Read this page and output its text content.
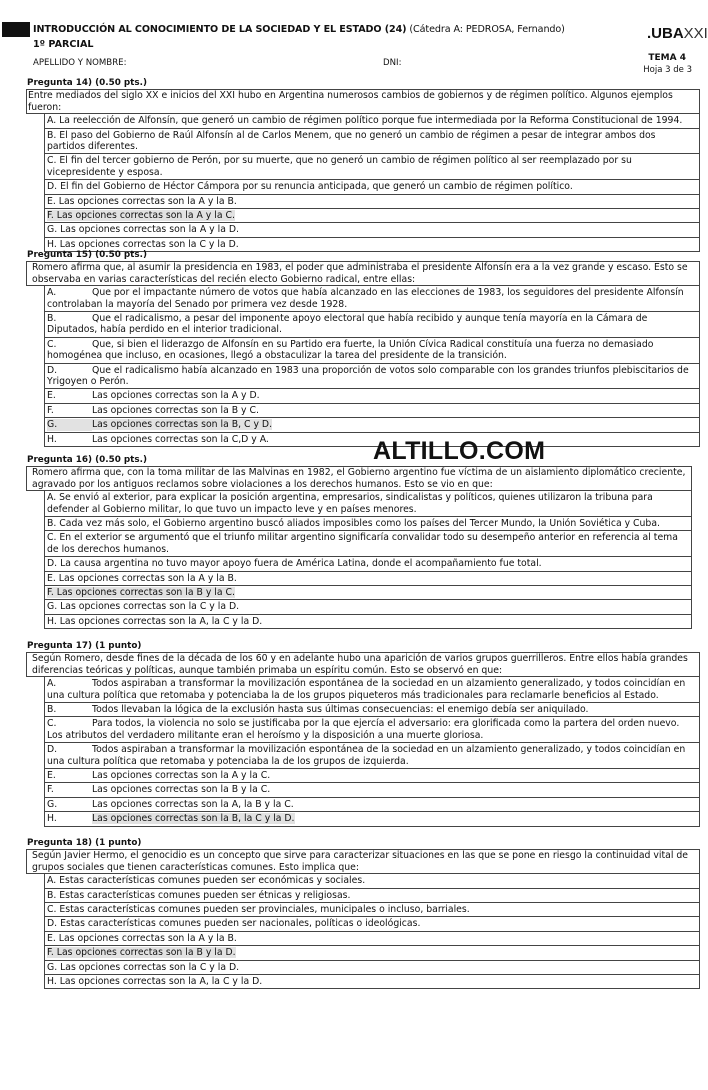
INTRODUCCIÓN AL CONOCIMIENTO DE LA SOCIEDAD Y EL ESTADO (24) (Cátedra A: PEDROSA, Fernando)
1º PARCIAL
.UBAXXI
APELLIDO Y NOMBRE:	DNI:	TEMA 4
Hoja 3 de 3
Pregunta 14) (0.50 pts.)
Entre mediados del siglo XX e inicios del XXI hubo en Argentina numerosos cambios de gobiernos y de régimen político. Algunos ejemplos fueron:
A. La reelección de Alfonsín, que generó un cambio de régimen político porque fue intermediada por la Reforma Constitucional de 1994.
B. El paso del Gobierno de Raúl Alfonsín al de Carlos Menem, que no generó un cambio de régimen a pesar de integrar ambos dos partidos diferentes.
C. El fin del tercer gobierno de Perón, por su muerte, que no generó un cambio de régimen político al ser reemplazado por su vicepresidente y esposa.
D. El fin del Gobierno de Héctor Cámpora por su renuncia anticipada, que generó un cambio de régimen político.
E. Las opciones correctas son la A y la B.
F. Las opciones correctas son la A y la C.
G. Las opciones correctas son la A y la D.
H. Las opciones correctas son la C y la D.
Pregunta 15) (0.50 pts.)
Romero afirma que, al asumir la presidencia en 1983, el poder que administraba el presidente Alfonsín era a la vez grande y escaso. Esto se observaba en varias características del recién electo Gobierno radical, entre ellas:
A.	Que por el impactante número de votos que había alcanzado en las elecciones de 1983, los seguidores del presidente Alfonsín controlaban la mayoría del Senado por primera vez desde 1928.
B.	Que el radicalismo, a pesar del imponente apoyo electoral que había recibido y aunque tenía mayoría en la Cámara de Diputados, había perdido en el interior tradicional.
C.	Que, si bien el liderazgo de Alfonsín en su Partido era fuerte, la Unión Cívica Radical constituía una fuerza no demasiado homogénea que incluso, en ocasiones, llegó a obstaculizar la tarea del presidente de la transición.
D.	Que el radicalismo había alcanzado en 1983 una proporción de votos solo comparable con los grandes triunfos plebiscitarios de Yrigoyen o Perón.
E.	Las opciones correctas son la A y D.
F.	Las opciones correctas son la B y C.
G.	Las opciones correctas son la B, C y D.
H.	Las opciones correctas son la C,D y A.
Pregunta 16) (0.50 pts.)
Romero afirma que, con la toma militar de las Malvinas en 1982, el Gobierno argentino fue víctima de un aislamiento diplomático creciente, agravado por los antiguos reclamos sobre violaciones a los derechos humanos. Esto se vio en que:
A. Se envió al exterior, para explicar la posición argentina, empresarios, sindicalistas y políticos, quienes utilizaron la tribuna para defender al Gobierno militar, lo que tuvo un impacto leve y en países menores.
B. Cada vez más solo, el Gobierno argentino buscó aliados imposibles como los países del Tercer Mundo, la Unión Soviética y Cuba.
C. En el exterior se argumentó que el triunfo militar argentino significaría convalidar todo su desempeño anterior en referencia al tema de los derechos humanos.
D. La causa argentina no tuvo mayor apoyo fuera de América Latina, donde el acompañamiento fue total.
E. Las opciones correctas son la A y la B.
F. Las opciones correctas son la B y la C.
G. Las opciones correctas son la C y la D.
H. Las opciones correctas son la A, la C y la D.
Pregunta 17) (1 punto)
Según Romero, desde fines de la década de los 60 y en adelante hubo una aparición de varios grupos guerrilleros. Entre ellos había grandes diferencias teóricas y políticas, aunque también primaba un espíritu común. Esto se observó en que:
A.	Todos aspiraban a transformar la movilización espontánea de la sociedad en un alzamiento generalizado, y todos coincidían en una cultura política que retomaba y potenciaba la de los grupos piqueteros más tradicionales para reclamarle beneficios al Estado.
B.	Todos llevaban la lógica de la exclusión hasta sus últimas consecuencias: el enemigo debía ser aniquilado.
C.	Para todos, la violencia no solo se justificaba por la que ejercía el adversario: era glorificada como la partera del orden nuevo. Los atributos del verdadero militante eran el heroísmo y la disposición a una muerte gloriosa.
D.	Todos aspiraban a transformar la movilización espontánea de la sociedad en un alzamiento generalizado, y todos coincidían en una cultura política que retomaba y potenciaba la de los grupos de izquierda.
E.	Las opciones correctas son la A y la C.
F.	Las opciones correctas son la B y la C.
G.	Las opciones correctas son la A, la B y la C.
H.	Las opciones correctas son la B, la C y la D.
Pregunta 18) (1 punto)
Según Javier Hermo, el genocidio es un concepto que sirve para caracterizar situaciones en las que se pone en riesgo la continuidad vital de grupos sociales que tienen características comunes. Esto implica que:
A. Estas características comunes pueden ser económicas y sociales.
B. Estas características comunes pueden ser étnicas y religiosas.
C. Estas características comunes pueden ser provinciales, municipales o incluso, barriales.
D. Estas características comunes pueden ser nacionales, políticas o ideológicas.
E. Las opciones correctas son la A y la B.
F. Las opciones correctas son la B y la D.
G. Las opciones correctas son la C y la D.
H. Las opciones correctas son la A, la C y la D.
ALTILLO.COM
